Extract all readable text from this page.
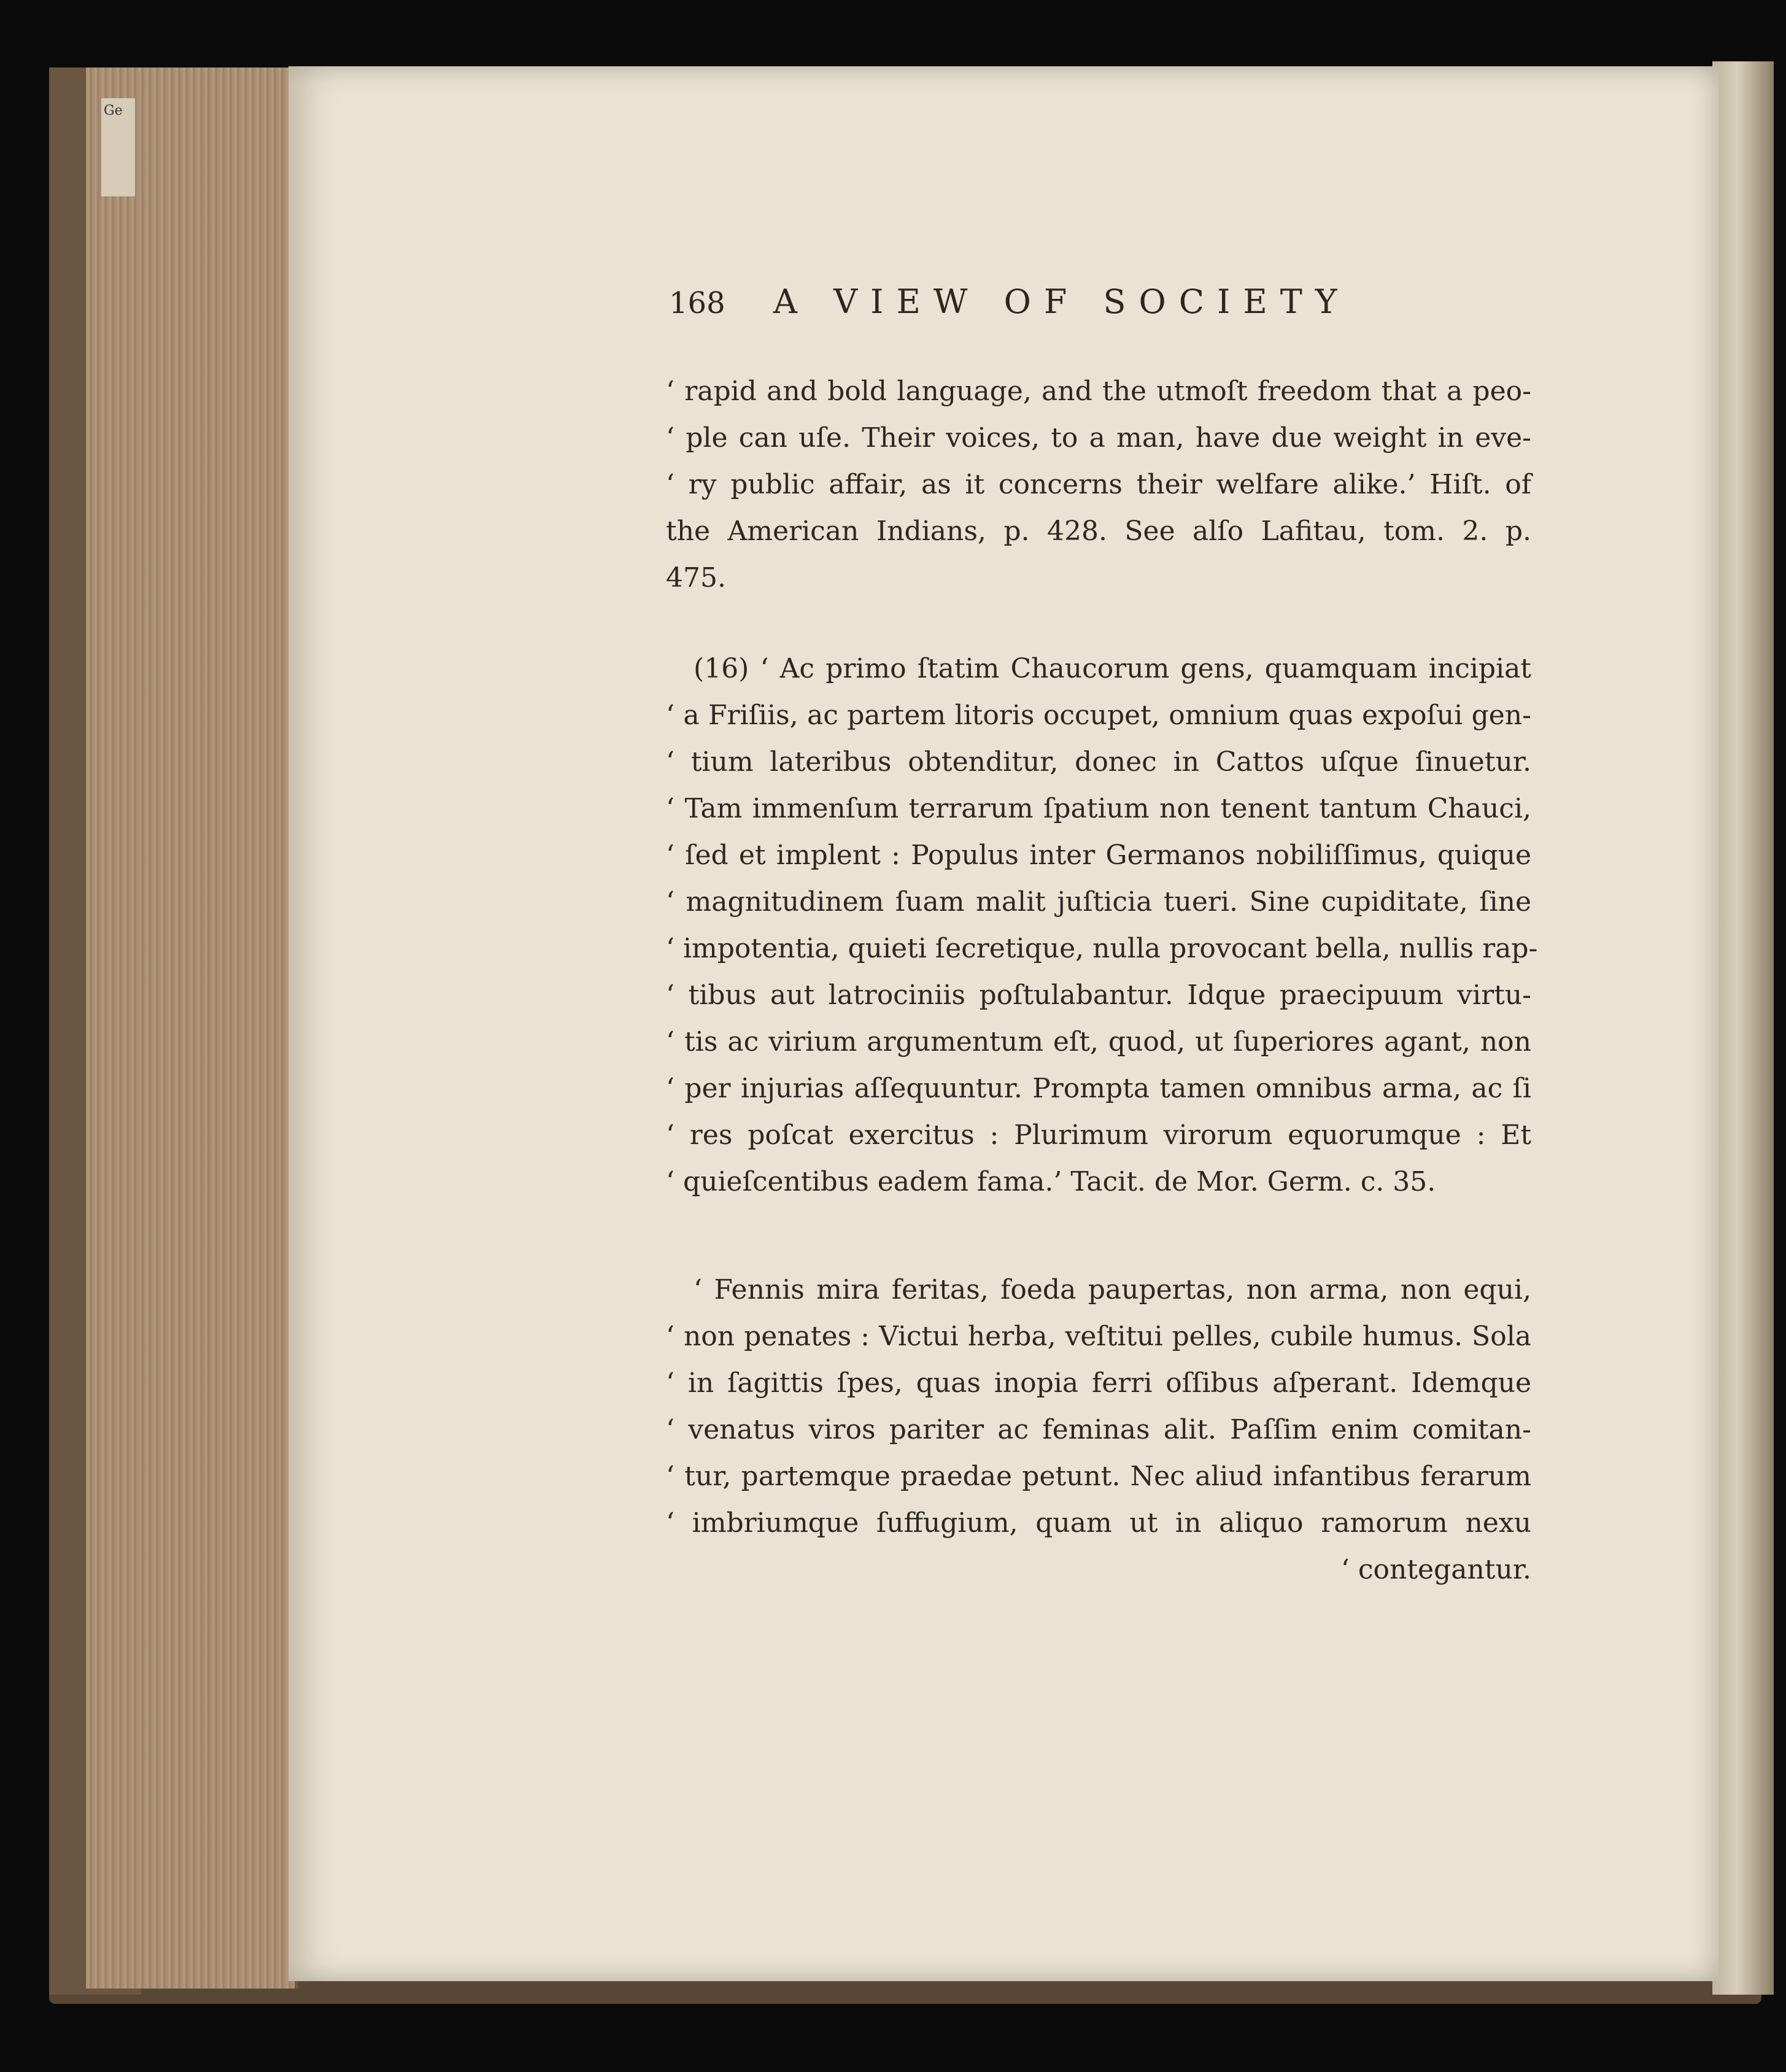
Ge
168	A VIEW OF SOCIETY
‘ rapid and bold language, and the utmoſt freedom that a peo-
‘ ple can uſe. Their voices, to a man, have due weight in eve-
‘ ry public affair, as it concerns their welfare alike.’ Hiſt. of
the American Indians, p. 428. See alſo Lafitau, tom. 2. p.
475.
(16) ‘ Ac primo ſtatim Chaucorum gens, quamquam incipiat
‘ a Friſiis, ac partem litoris occupet, omnium quas expoſui gen-
‘ tium lateribus obtenditur, donec in Cattos uſque ſinuetur.
‘ Tam immenſum terrarum ſpatium non tenent tantum Chauci,
‘ ſed et implent : Populus inter Germanos nobiliſſimus, quique
‘ magnitudinem ſuam malit juſticia tueri. Sine cupiditate, ſine
‘ impotentia, quieti ſecretique, nulla provocant bella, nullis rap-
‘ tibus aut latrociniis poſtulabantur. Idque praecipuum virtu-
‘ tis ac virium argumentum eſt, quod, ut ſuperiores agant, non
‘ per injurias aſſequuntur. Prompta tamen omnibus arma, ac ſi
‘ res poſcat exercitus : Plurimum virorum equorumque : Et
‘ quieſcentibus eadem fama.’ Tacit. de Mor. Germ. c. 35.
‘ Fennis mira feritas, foeda paupertas, non arma, non equi,
‘ non penates : Victui herba, veſtitui pelles, cubile humus. Sola
‘ in ſagittis ſpes, quas inopia ferri oſſibus aſperant. Idemque
‘ venatus viros pariter ac feminas alit. Paſſim enim comitan-
‘ tur, partemque praedae petunt. Nec aliud infantibus ferarum
‘ imbriumque ſuffugium, quam ut in aliquo ramorum nexu
‘ contegantur.
